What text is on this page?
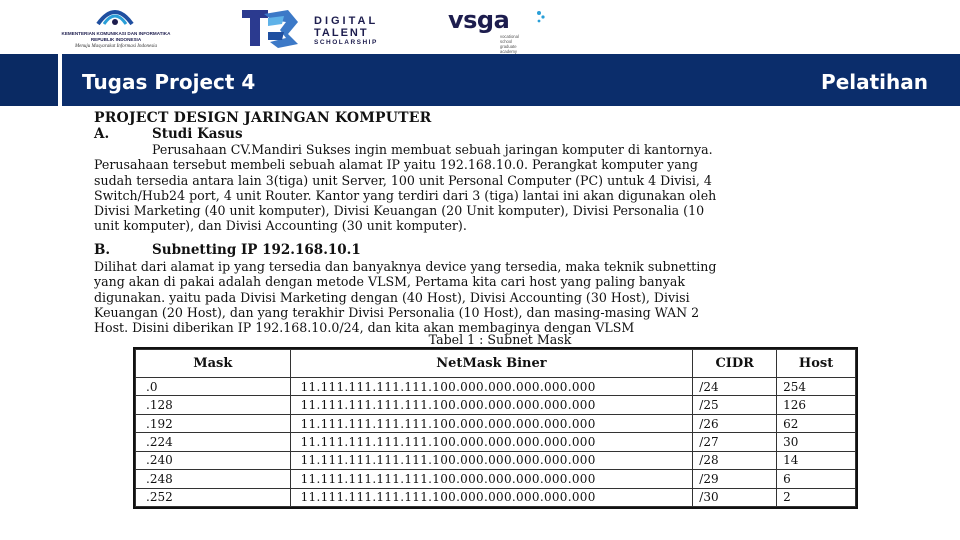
KEMENTERIAN KOMUNIKASI DAN INFORMATIKA
REPUBLIK INDONESIA
Menuju Masyarakat Informasi Indonesia
DIGITAL
TALENT
SCHOLARSHIP
vsga
vocational
school
graduate
academy
Tugas Project 4	Pelatihan
PROJECT DESIGN JARINGAN KOMPUTER
A.	Studi Kasus
Perusahaan CV.Mandiri Sukses ingin membuat sebuah jaringan komputer di kantornya.
Perusahaan tersebut membeli sebuah alamat IP yaitu 192.168.10.0. Perangkat komputer yang
sudah tersedia antara lain 3(tiga) unit Server, 100 unit Personal Computer (PC) untuk 4 Divisi, 4
Switch/Hub24 port, 4 unit Router. Kantor yang terdiri dari 3 (tiga) lantai ini akan digunakan oleh
Divisi Marketing (40 unit komputer), Divisi Keuangan (20 Unit komputer), Divisi Personalia (10
unit komputer), dan Divisi Accounting (30 unit komputer).
B.	Subnetting IP 192.168.10.1
Dilihat dari alamat ip yang tersedia dan banyaknya device yang tersedia, maka teknik subnetting
yang akan di pakai adalah dengan metode VLSM, Pertama kita cari host yang paling banyak
digunakan. yaitu pada Divisi Marketing dengan (40 Host), Divisi Accounting (30 Host), Divisi
Keuangan (20 Host), dan yang terakhir Divisi Personalia (10 Host), dan masing-masing WAN 2
Host. Disini diberikan IP 192.168.10.0/24, dan kita akan membaginya dengan VLSM
Tabel 1 : Subnet Mask
Mask	NetMask Biner	CIDR	Host
.0	11.111.111.111.111.100.000.000.000.000.000	/24	254
.128	11.111.111.111.111.100.000.000.000.000.000	/25	126
.192	11.111.111.111.111.100.000.000.000.000.000	/26	62
.224	11.111.111.111.111.100.000.000.000.000.000	/27	30
.240	11.111.111.111.111.100.000.000.000.000.000	/28	14
.248	11.111.111.111.111.100.000.000.000.000.000	/29	6
.252	11.111.111.111.111.100.000.000.000.000.000	/30	2
